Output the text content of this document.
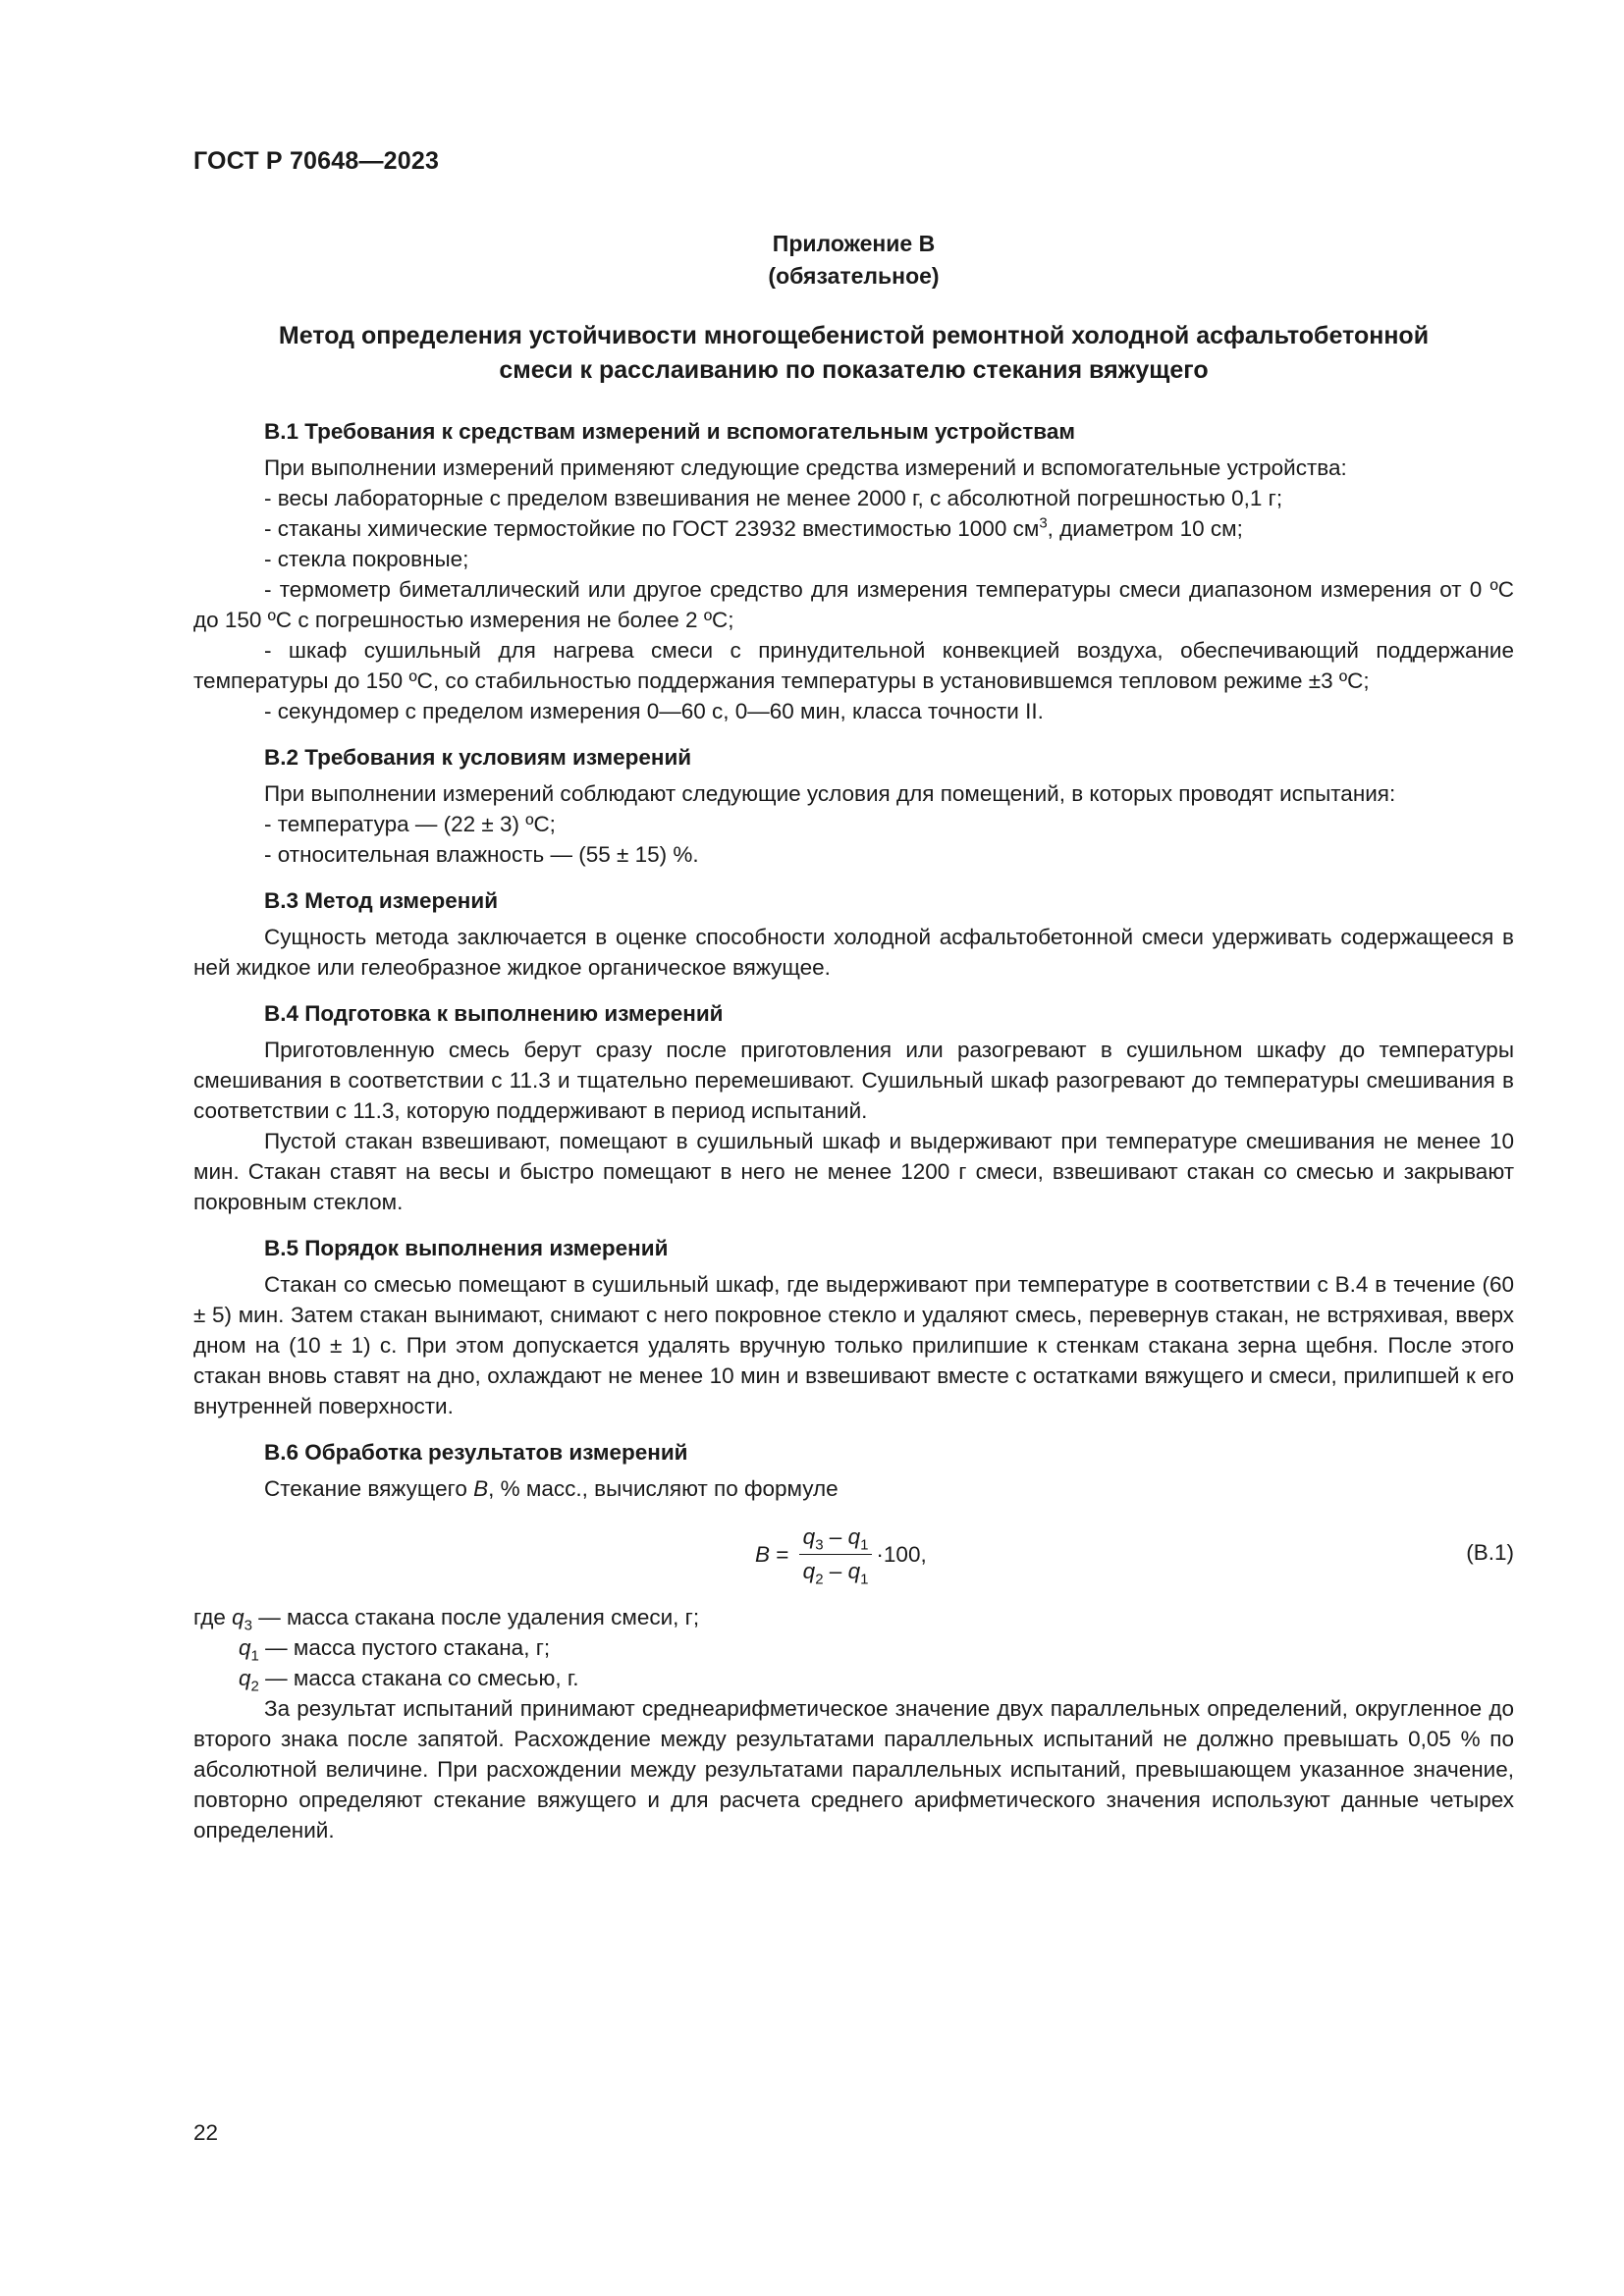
ГОСТ Р 70648—2023
Приложение В
(обязательное)
Метод определения устойчивости многощебенистой ремонтной холодной асфальтобетонной
смеси к расслаиванию по показателю стекания вяжущего
В.1 Требования к средствам измерений и вспомогательным устройствам

При выполнении измерений применяют следующие средства измерений и вспомогательные устройства:

- весы лабораторные с пределом взвешивания не менее 2000 г, с абсолютной погрешностью 0,1 г;

- стаканы химические термостойкие по ГОСТ 23932 вместимостью 1000 $см^3$, диаметром 10 см;

- стекла покровные;

- термометр биметаллический или другое средство для измерения температуры смеси диапазоном измерения от 0 ºС до 150 ºС с погрешностью измерения не более 2 ºС;

- шкаф сушильный для нагрева смеси с принудительной конвекцией воздуха, обеспечивающий поддержание температуры до 150 ºС, со стабильностью поддержания температуры в установившемся тепловом режиме ±3 ºС;

- секундомер с пределом измерения 0—60 с, 0—60 мин, класса точности II.

В.2 Требования к условиям измерений

При выполнении измерений соблюдают следующие условия для помещений, в которых проводят испытания:

- температура — (22 ± 3) ºС;

- относительная влажность — (55 ± 15) %.

В.3 Метод измерений

Сущность метода заключается в оценке способности холодной асфальтобетонной смеси удерживать содержащееся в ней жидкое или гелеобразное жидкое органическое вяжущее.

В.4 Подготовка к выполнению измерений

Приготовленную смесь берут сразу после приготовления или разогревают в сушильном шкафу до температуры смешивания в соответствии с 11.3 и тщательно перемешивают. Сушильный шкаф разогревают до температуры смешивания в соответствии с 11.3, которую поддерживают в период испытаний.

Пустой стакан взвешивают, помещают в сушильный шкаф и выдерживают при температуре смешивания не менее 10 мин. Стакан ставят на весы и быстро помещают в него не менее 1200 г смеси, взвешивают стакан со смесью и закрывают покровным стеклом.

В.5 Порядок выполнения измерений

Стакан со смесью помещают в сушильный шкаф, где выдерживают при температуре в соответствии с В.4 в течение (60 ± 5) мин. Затем стакан вынимают, снимают с него покровное стекло и удаляют смесь, перевернув стакан, не встряхивая, вверх дном на (10 ± 1) с. При этом допускается удалять вручную только прилипшие к стенкам стакана зерна щебня. После этого стакан вновь ставят на дно, охлаждают не менее 10 мин и взвешивают вместе с остатками вяжущего и смеси, прилипшей к его внутренней поверхности.

В.6 Обработка результатов измерений

Стекание вяжущего B, % масс., вычисляют по формуле

$B = \frac{q_3 - q_1}{q_2 - q_1} \cdot 100$,	(В.1)

где $q_3$ — масса стакана после удаления смеси, г;

$q_1$ — масса пустого стакана, г;

$q_2$ — масса стакана со смесью, г.

За результат испытаний принимают среднеарифметическое значение двух параллельных определений, округленное до второго знака после запятой. Расхождение между результатами параллельных испытаний не должно превышать 0,05 % по абсолютной величине. При расхождении между результатами параллельных испытаний, превышающем указанное значение, повторно определяют стекание вяжущего и для расчета среднего арифметического значения используют данные четырех определений.

22
